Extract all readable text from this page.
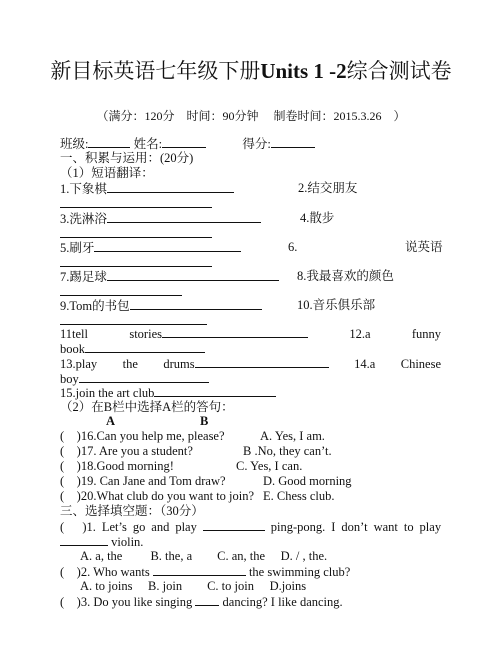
新目标英语七年级下册Units 1 -2综合测试卷
（满分：120分　时间：90分钟　 制卷时间：2015.3.26　）
班级:	姓名:	得分:
一、积累与运用：(20分)
（1）短语翻译：
1.下象棋	2.结交朋友
3.洗淋浴	4.散步
5.刷牙	6.	说英语
7.踢足球	8.我最喜欢的颜色
9.Tom的书包	10.音乐俱乐部
11tell	stories	12.a	funny
book
13.play the drums	14.a Chinese
boy
15.join the art club
（2）在B栏中选择A栏的答句：
A	B
(　)16.Can you help me, please?	A. Yes, I am.
(　)17. Are you a student?	B .No, they can’t.
(　)18.Good morning!	C. Yes, I can.
(　)19. Can Jane and Tom draw?	D. Good morning
(　)20.What club do you want to join? E. Chess club.
三、选择填空题：（30分）
(　)1. Let’s go and play	ping-pong. I don’t want to play
violin.
A. a, the　　 B. the, a　　C. an, the　 D. / , the.
(　)2. Who wants	the swimming club?
A. to joins　 B. join　　C. to join　 D.joins
(　)3. Do you like singing dancing? I like dancing.
